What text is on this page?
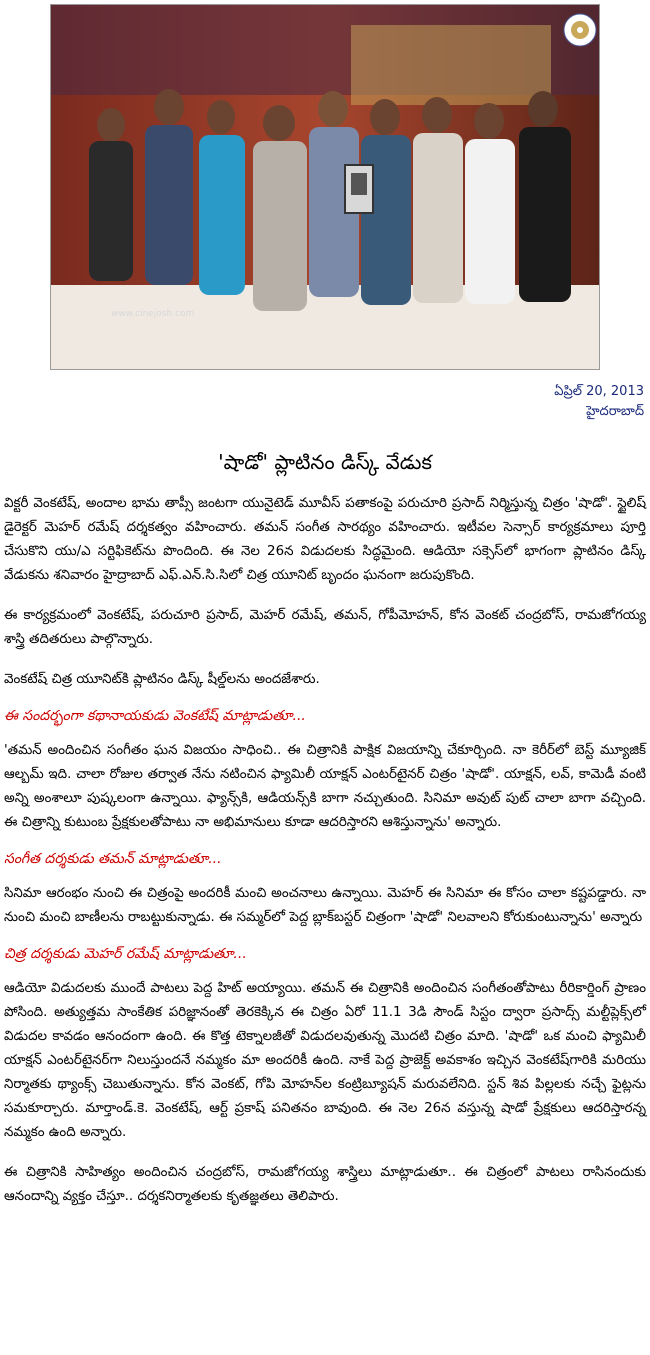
www.cinejosh.com
ఏప్రిల్ 20, 2013
హైదరాబాద్
'షాడో' ప్లాటినం డిస్క్ వేడుక

విక్టరీ వెంకటేష్, అందాల భామ తాప్సీ జంటగా యునైటెడ్ మూవీస్ పతాకంపై పరుచూరి ప్రసాద్ నిర్మిస్తున్న చిత్రం 'షాడో'. స్టైలిష్ డైరెక్టర్ మెహర్ రమేష్ దర్శకత్వం వహించారు. తమన్ సంగీత సారథ్యం వహించారు. ఇటీవల సెన్సార్ కార్యక్రమాలు పూర్తి చేసుకొని యు/ఎ సర్టిఫికెట్‌ను పొందింది. ఈ నెల 26న విడుదలకు సిద్ధమైంది. ఆడియో సక్సెస్‌లో భాగంగా ప్లాటినం డిస్క్ వేడుకను శనివారం హైద్రాబాద్ ఎఫ్.ఎన్.సి.సిలో చిత్ర యూనిట్ బృందం ఘనంగా జరుపుకొంది.

ఈ కార్యక్రమంలో వెంకటేష్, పరుచూరి ప్రసాద్, మెహర్ రమేష్, తమన్, గోపీమోహన్, కోన వెంకట్ చంద్రబోస్, రామజోగయ్య శాస్త్రి తదితరులు పాల్గొన్నారు.

వెంకటేష్ చిత్ర యూనిట్‌కి ప్లాటినం డిస్క్ షీల్డ్‌లను అందజేశారు.

ఈ సందర్భంగా కథానాయకుడు వెంకటేష్ మాట్లాడుతూ...

'తమన్ అందించిన సంగీతం ఘన విజయం సాధించి.. ఈ చిత్రానికి పాక్షిక విజయాన్ని చేకూర్చింది. నా కెరీర్‌లో బెస్ట్ మ్యూజిక్ ఆల్బమ్ ఇది. చాలా రోజుల తర్వాత నేను నటించిన ఫ్యామిలీ యాక్షన్ ఎంటర్‌టైనర్ చిత్రం 'షాడో'. యాక్షన్, లవ్, కామెడీ వంటి అన్ని అంశాలూ పుష్కలంగా ఉన్నాయి. ఫ్యాన్స్‌కి, ఆడియన్స్‌కి బాగా నచ్చుతుంది. సినిమా అవుట్ పుట్ చాలా బాగా వచ్చింది. ఈ చిత్రాన్ని కుటుంబ ప్రేక్షకులతోపాటు నా అభిమానులు కూడా ఆదరిస్తారని ఆశిస్తున్నాను' అన్నారు.

సంగీత దర్శకుడు తమన్ మాట్లాడుతూ...

సినిమా ఆరంభం నుంచి ఈ చిత్రంపై అందరికీ మంచి అంచనాలు ఉన్నాయి. మెహర్ ఈ సినిమా ఈ కోసం చాలా కష్టపడ్డారు. నా నుంచి మంచి బాణీలను రాబట్టుకున్నాడు. ఈ సమ్మర్‌లో పెద్ద బ్లాక్‌బస్టర్ చిత్రంగా 'షాడో' నిలవాలని కోరుకుంటున్నాను' అన్నారు

చిత్ర దర్శకుడు మెహర్ రమేష్ మాట్లాడుతూ...

ఆడియో విడుదలకు ముందే పాటలు పెద్ద హిట్ అయ్యాయి. తమన్ ఈ చిత్రానికి అందించిన సంగీతంతోపాటు రీరికార్డింగ్ ప్రాణం పోసింది. అత్యుత్తమ సాంకేతిక పరిజ్ఞానంతో తెరకెక్కిన ఈ చిత్రం ఏరో 11.1 3డి సౌండ్ సిస్టం ద్వారా ప్రసాద్స్ మల్టీప్లెక్స్‌లో విడుదల కావడం ఆనందంగా ఉంది. ఈ కొత్త టెక్నాలజీతో విడుదలవుతున్న మొదటి చిత్రం మాది. 'షాడో' ఒక మంచి ఫ్యామిలీ యాక్షన్ ఎంటర్‌టైనర్‌గా నిలుస్తుందనే నమ్మకం మా అందరికీ ఉంది. నాకే పెద్ద ప్రాజెక్ట్ అవకాశం ఇచ్చిన వెంకటేష్‌గారికి మరియు నిర్మాతకు థ్యాంక్స్ చెబుతున్నాను. కోన వెంకట్, గోపి మోహన్‌ల కంట్రిబ్యూషన్ మరువలేనిది. స్టన్ శివ పిల్లలకు నచ్చే ఫైట్లను సమకూర్చారు. మార్తాండ్.కె. వెంకటేష్, ఆర్ట్ ప్రకాష్ పనితనం బావుంది. ఈ నెల 26న వస్తున్న షాడో ప్రేక్షకులు ఆదరిస్తారన్న నమ్మకం ఉంది అన్నారు.

ఈ చిత్రానికి సాహిత్యం అందించిన చంద్రబోస్, రామజోగయ్య శాస్త్రిలు మాట్లాడుతూ.. ఈ చిత్రంలో పాటలు రాసినందుకు ఆనందాన్ని వ్యక్తం చేస్తూ.. దర్శకనిర్మాతలకు కృతజ్ఞతలు తెలిపారు.
